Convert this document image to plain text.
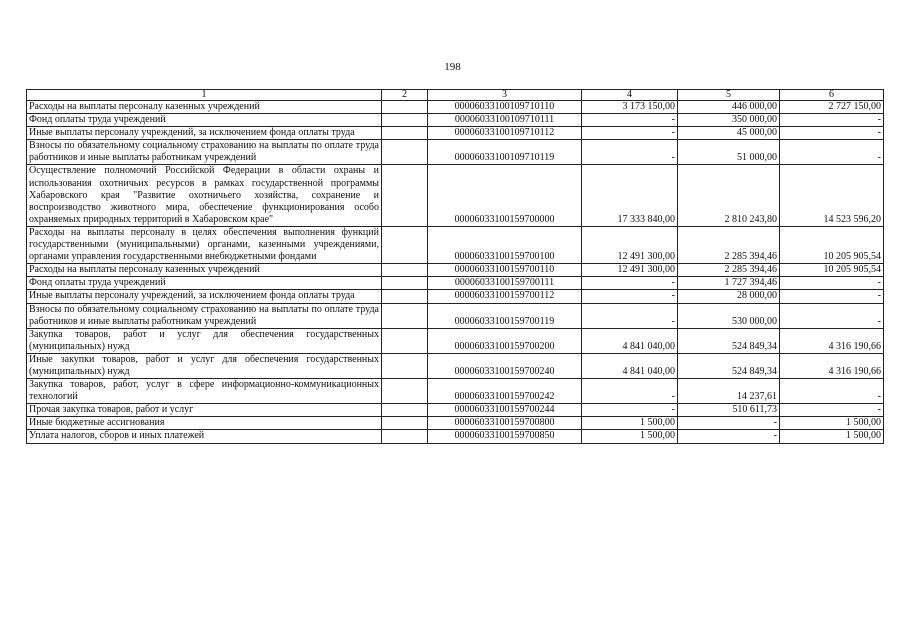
198
1	2	3	4	5	6
Расходы на выплаты персоналу казенных учреждений		00006033100109710110	3 173 150,00	446 000,00	2 727 150,00
Фонд оплаты труда учреждений		00006033100109710111	-	350 000,00	-
Иные выплаты персоналу учреждений, за исключением фонда оплаты труда		00006033100109710112	-	45 000,00	-
Взносы по обязательному социальному страхованию на выплаты по оплате труда работников и иные выплаты работникам учреждений		00006033100109710119	-	51 000,00	-
Осуществление полномочий Российской Федерации в области охраны и использования охотничьих ресурсов в рамках государственной программы Хабаровского края "Развитие охотничьего хозяйства, сохранение и воспроизводство животного мира, обеспечение функционирования особо охраняемых природных территорий в Хабаровском крае"		00006033100159700000	17 333 840,00	2 810 243,80	14 523 596,20
Расходы на выплаты персоналу в целях обеспечения выполнения функций государственными (муниципальными) органами, казенными учреждениями, органами управления государственными внебюджетными фондами		00006033100159700100	12 491 300,00	2 285 394,46	10 205 905,54
Расходы на выплаты персоналу казенных учреждений		00006033100159700110	12 491 300,00	2 285 394,46	10 205 905,54
Фонд оплаты труда учреждений		00006033100159700111	-	1 727 394,46	-
Иные выплаты персоналу учреждений, за исключением фонда оплаты труда		00006033100159700112	-	28 000,00	-
Взносы по обязательному социальному страхованию на выплаты по оплате труда работников и иные выплаты работникам учреждений		00006033100159700119	-	530 000,00	-
Закупка товаров, работ и услуг для обеспечения государственных (муниципальных) нужд		00006033100159700200	4 841 040,00	524 849,34	4 316 190,66
Иные закупки товаров, работ и услуг для обеспечения государственных (муниципальных) нужд		00006033100159700240	4 841 040,00	524 849,34	4 316 190,66
Закупка товаров, работ, услуг в сфере информационно-коммуникационных технологий		00006033100159700242	-	14 237,61	-
Прочая закупка товаров, работ и услуг		00006033100159700244	-	510 611,73	-
Иные бюджетные ассигнования		00006033100159700800	1 500,00	-	1 500,00
Уплата налогов, сборов и иных платежей		00006033100159700850	1 500,00	-	1 500,00
